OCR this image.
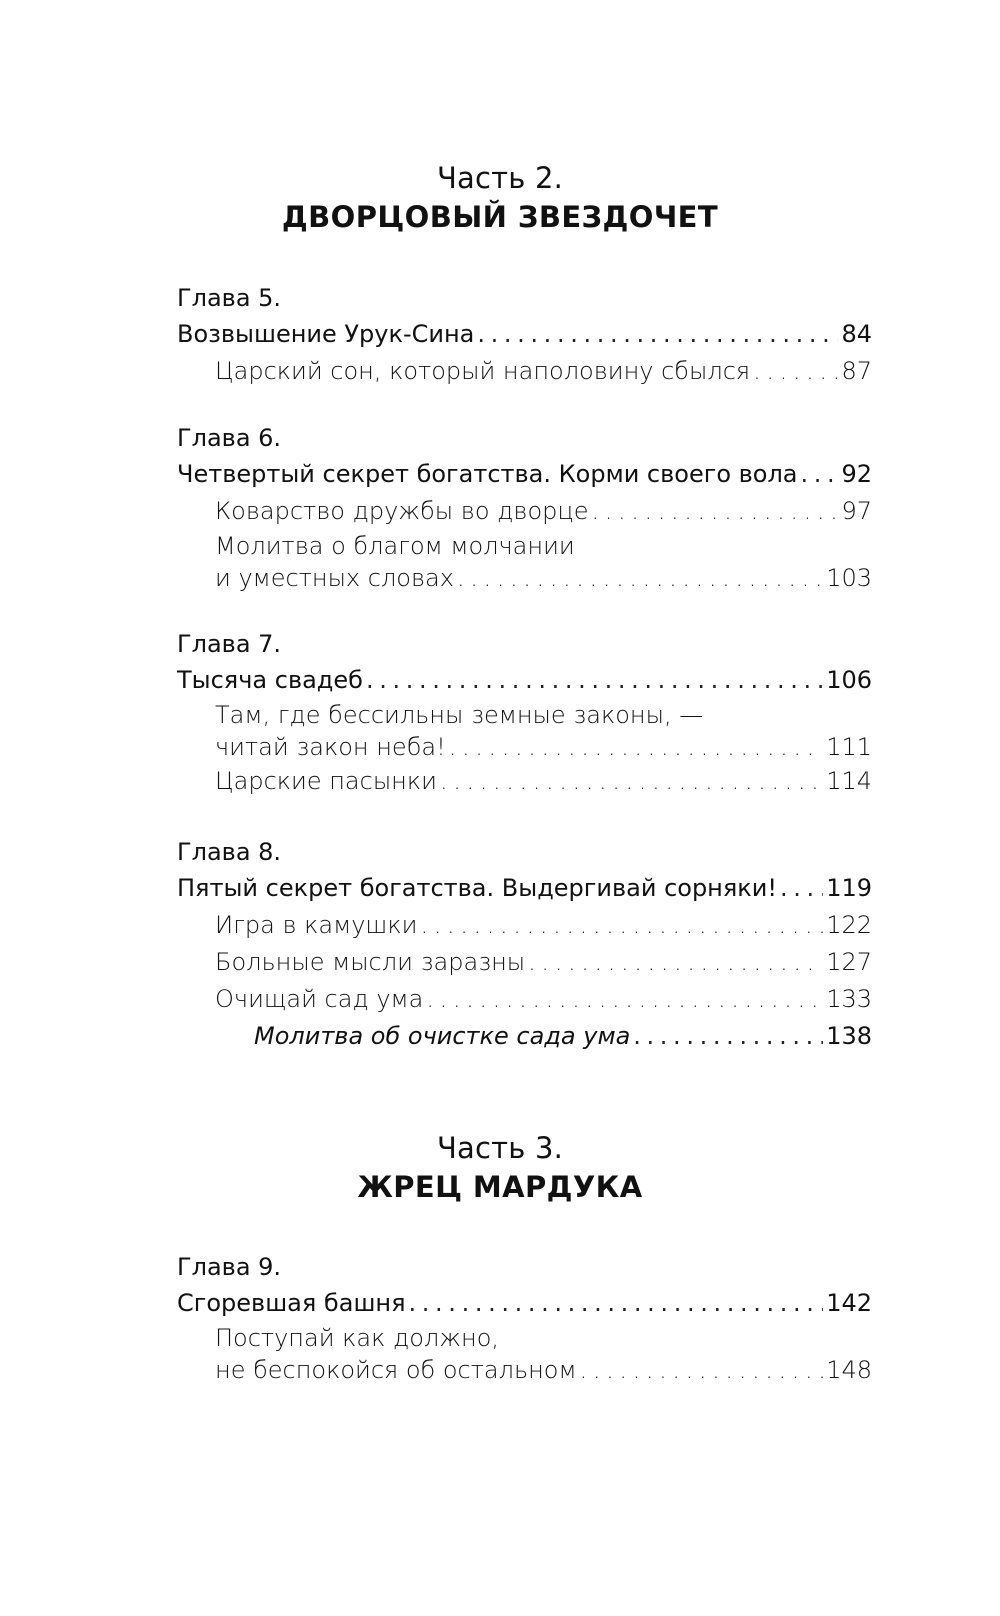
Часть 2.
ДВОРЦОВЫЙ ЗВЕЗДОЧЕТ
Глава 5.
Возвышение Урук-Сина . . .	84
Царский сон, который наполовину сбылся . . .	87
Глава 6.
Четвертый секрет богатства. Корми своего вола . . . 92
Коварство дружбы во дворце . . .	97
Молитва о благом молчании
и уместных словах . . .	103
Глава 7.
Тысяча свадеб . . .	106
Там, где бессильны земные законы, —
читай закон неба! . . .	111
Царские пасынки . . .	114
Глава 8.
Пятый секрет богатства. Выдергивай сорняки! . . . 119
Игра в камушки . . .	122
Больные мысли заразны . . .	127
Очищай сад ума . . .	133
Молитва об очистке сада ума . . .	138
Часть 3.
ЖРЕЦ МАРДУКА
Глава 9.
Сгоревшая башня . . .	142
Поступай как должно,
не беспокойся об остальном . . .	148
